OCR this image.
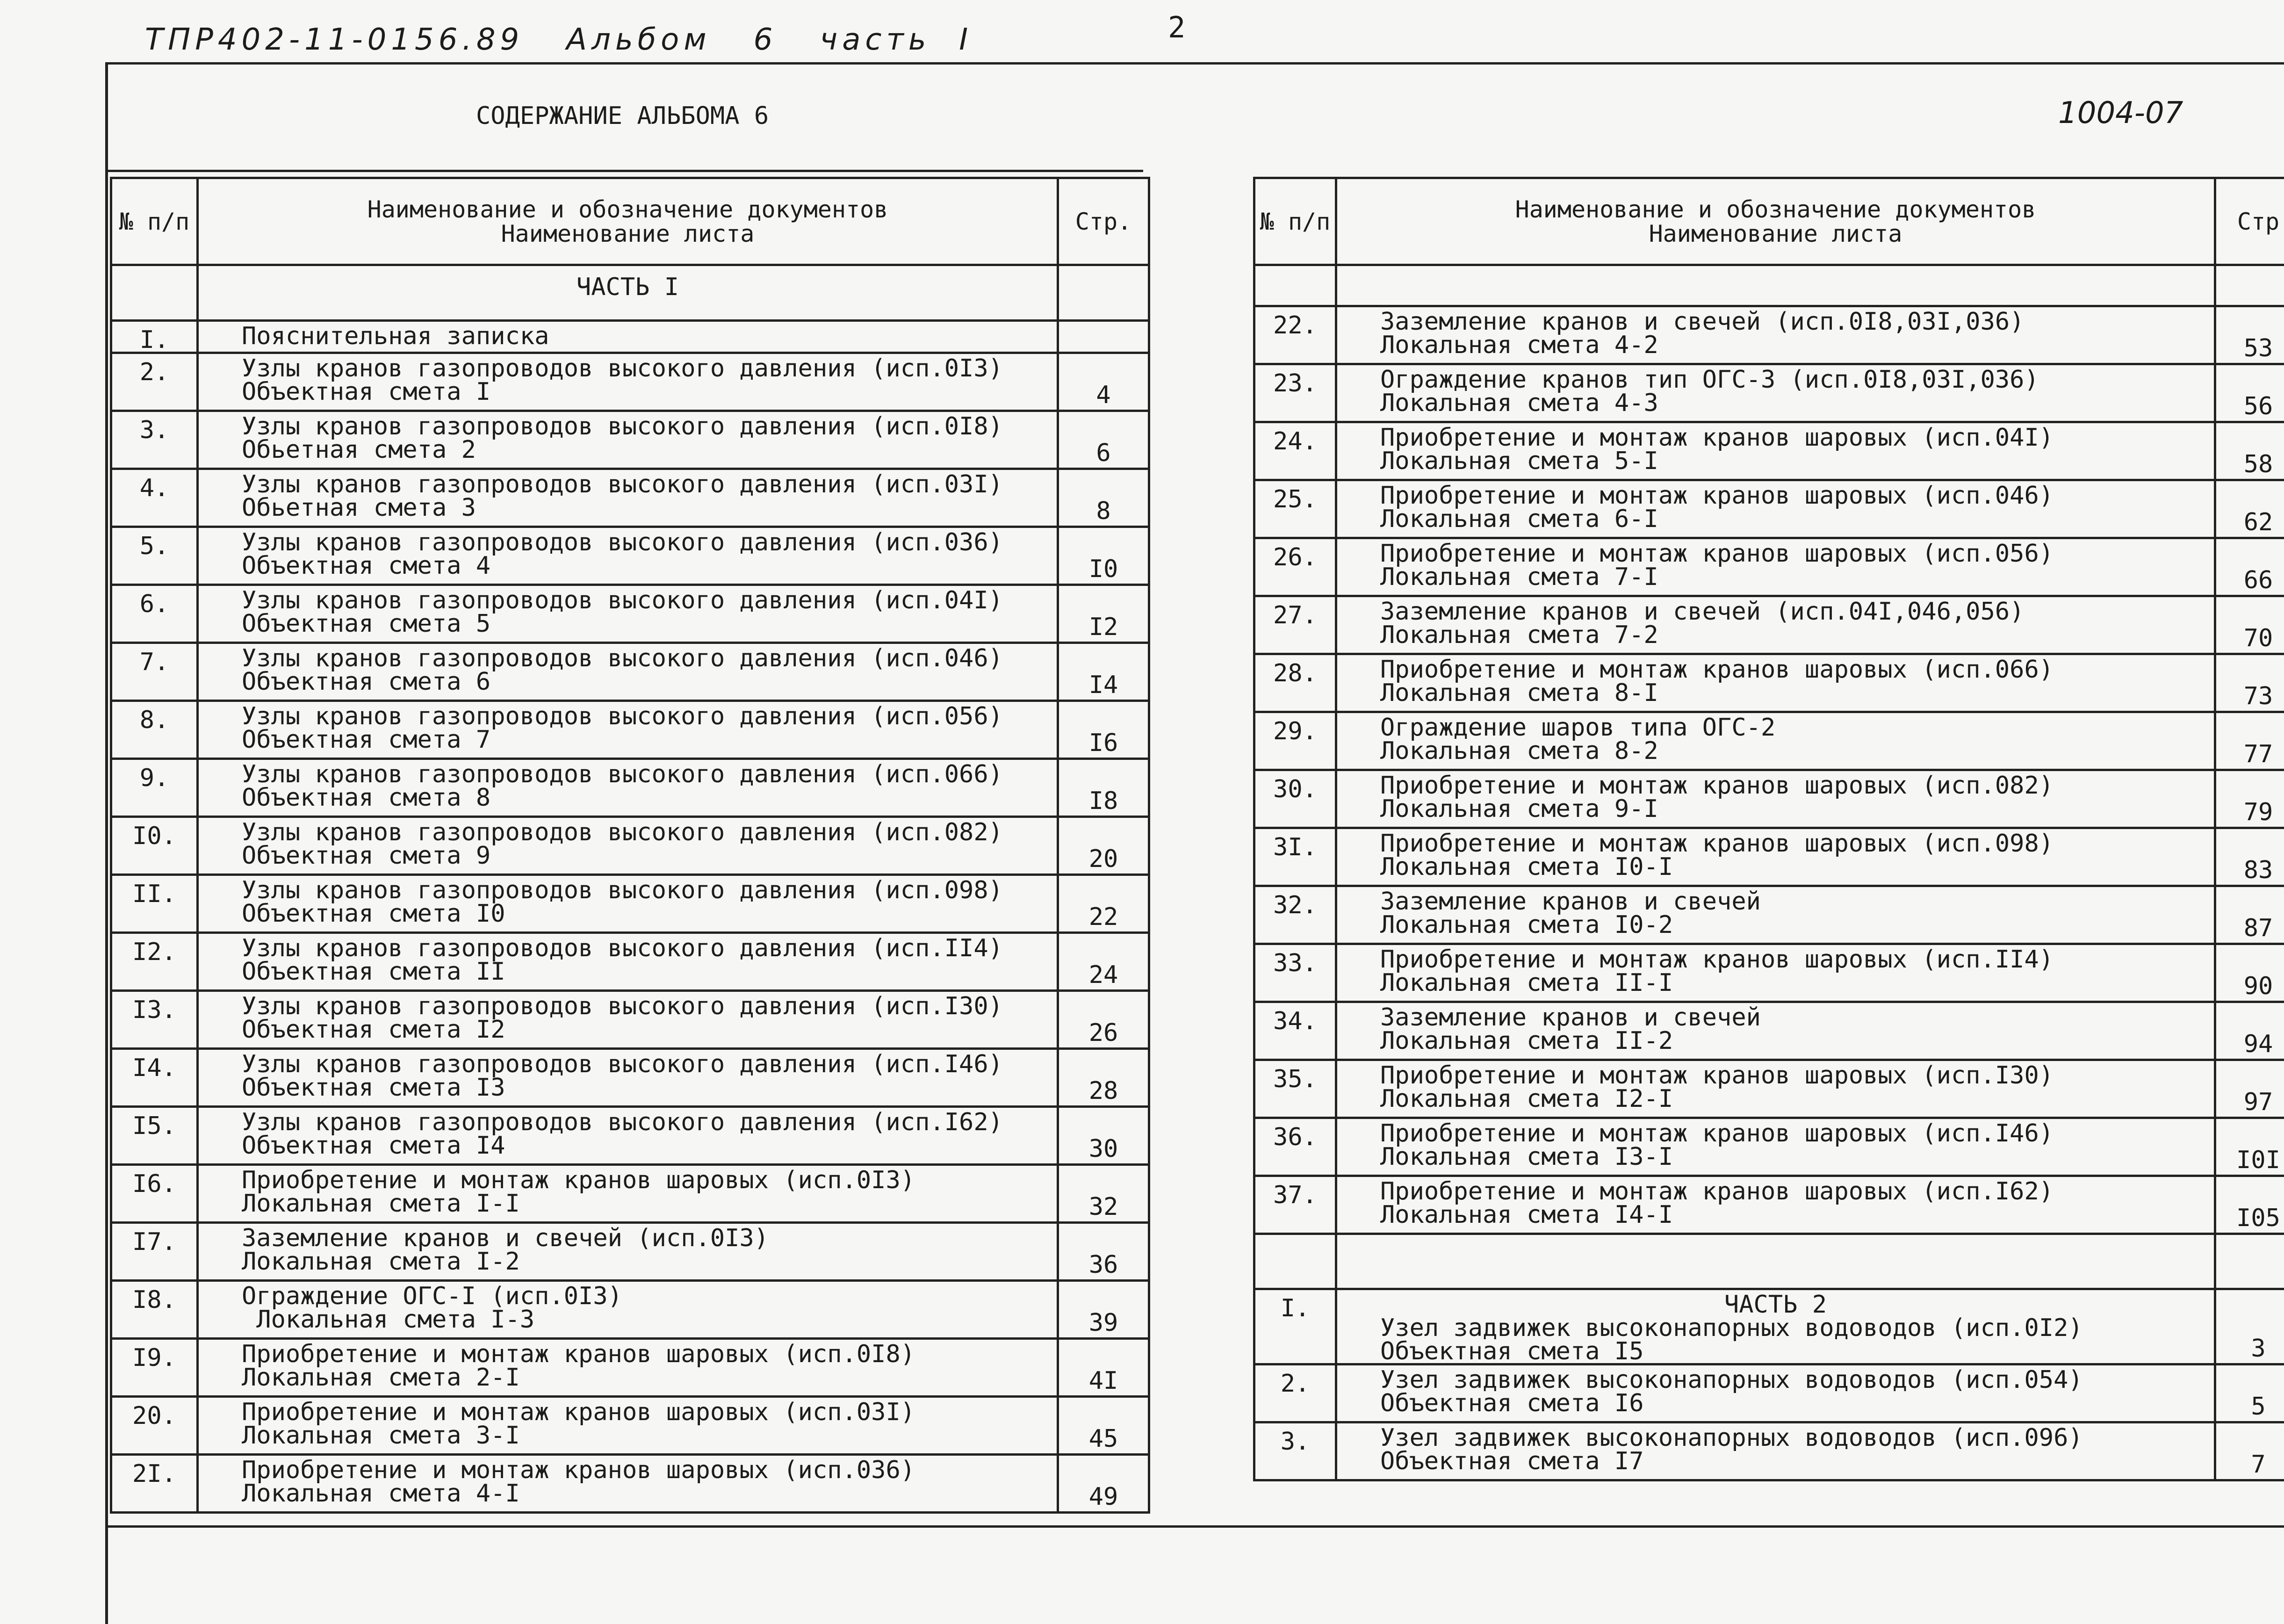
ТПР402-11-0156.89   Альбом   6   часть  I	2
1004-07
СОДЕРЖАНИЕ АЛЬБОМА 6
№ п/п	Наименование и обозначение документов
Наименование листа	Стр.
	ЧАСТЬ I	
I.	Пояснительная записка	

2.	Узлы кранов газопроводов высокого давления (исп.0I3)
Объектная смета I	4
3.	Узлы кранов газопроводов высокого давления (исп.0I8)
Обьетная смета 2	6
4.	Узлы кранов газопроводов высокого давления (исп.03I)
Обьетная смета 3	8
5.	Узлы кранов газопроводов высокого давления (исп.036)
Объектная смета 4	I0
6.	Узлы кранов газопроводов высокого давления (исп.04I)
Объектная смета 5	I2
7.	Узлы кранов газопроводов высокого давления (исп.046)
Объектная смета 6	I4
8.	Узлы кранов газопроводов высокого давления (исп.056)
Объектная смета 7	I6
9.	Узлы кранов газопроводов высокого давления (исп.066)
Объектная смета 8	I8
I0.	Узлы кранов газопроводов высокого давления (исп.082)
Объектная смета 9	20
II.	Узлы кранов газопроводов высокого давления (исп.098)
Объектная смета I0	22
I2.	Узлы кранов газопроводов высокого давления (исп.II4)
Объектная смета II	24
I3.	Узлы кранов газопроводов высокого давления (исп.I30)
Объектная смета I2	26
I4.	Узлы кранов газопроводов высокого давления (исп.I46)
Объектная смета I3	28
I5.	Узлы кранов газопроводов высокого давления (исп.I62)
Объектная смета I4	30
I6.	Приобретение и монтаж кранов шаровых (исп.0I3)
Локальная смета I-I	32
I7.	Заземление кранов и свечей (исп.0I3)
Локальная смета I-2	36
I8.	Ограждение ОГС-I (исп.0I3)
Локальная смета I-3	39
I9.	Приобретение и монтаж кранов шаровых (исп.0I8)
Локальная смета 2-I	4I
20.	Приобретение и монтаж кранов шаровых (исп.03I)
Локальная смета 3-I	45
2I.	Приобретение и монтаж кранов шаровых (исп.036)
Локальная смета 4-I	49
№ п/п	Наименование и обозначение документов
Наименование листа	Стр

22.	Заземление кранов и свечей (исп.0I8,03I,036)
Локальная смета 4-2	53
23.	Ограждение кранов тип ОГС-3 (исп.0I8,03I,036)
Локальная смета 4-3	56
24.	Приобретение и монтаж кранов шаровых (исп.04I)
Локальная смета 5-I	58
25.	Приобретение и монтаж кранов шаровых (исп.046)
Локальная смета 6-I	62
26.	Приобретение и монтаж кранов шаровых (исп.056)
Локальная смета 7-I	66
27.	Заземление кранов и свечей (исп.04I,046,056)
Локальная смета 7-2	70
28.	Приобретение и монтаж кранов шаровых (исп.066)
Локальная смета 8-I	73
29.	Ограждение шаров типа ОГС-2
Локальная смета 8-2	77
30.	Приобретение и монтаж кранов шаровых (исп.082)
Локальная смета 9-I	79
3I.	Приобретение и монтаж кранов шаровых (исп.098)
Локальная смета I0-I	83
32.	Заземление кранов и свечей
Локальная смета I0-2	87
33.	Приобретение и монтаж кранов шаровых (исп.II4)
Локальная смета II-I	90
34.	Заземление кранов и свечей
Локальная смета II-2	94
35.	Приобретение и монтаж кранов шаровых (исп.I30)
Локальная смета I2-I	97
36.	Приобретение и монтаж кранов шаровых (исп.I46)
Локальная смета I3-I	I0I
37.	Приобретение и монтаж кранов шаровых (исп.I62)
Локальная смета I4-I	I05

I.	ЧАСТЬ 2
Узел задвижек высоконапорных водоводов (исп.0I2)
Объектная смета I5	3
2.	Узел задвижек высоконапорных водоводов (исп.054)
Объектная смета I6	5
3.	Узел задвижек высоконапорных водоводов (исп.096)
Объектная смета I7	7
